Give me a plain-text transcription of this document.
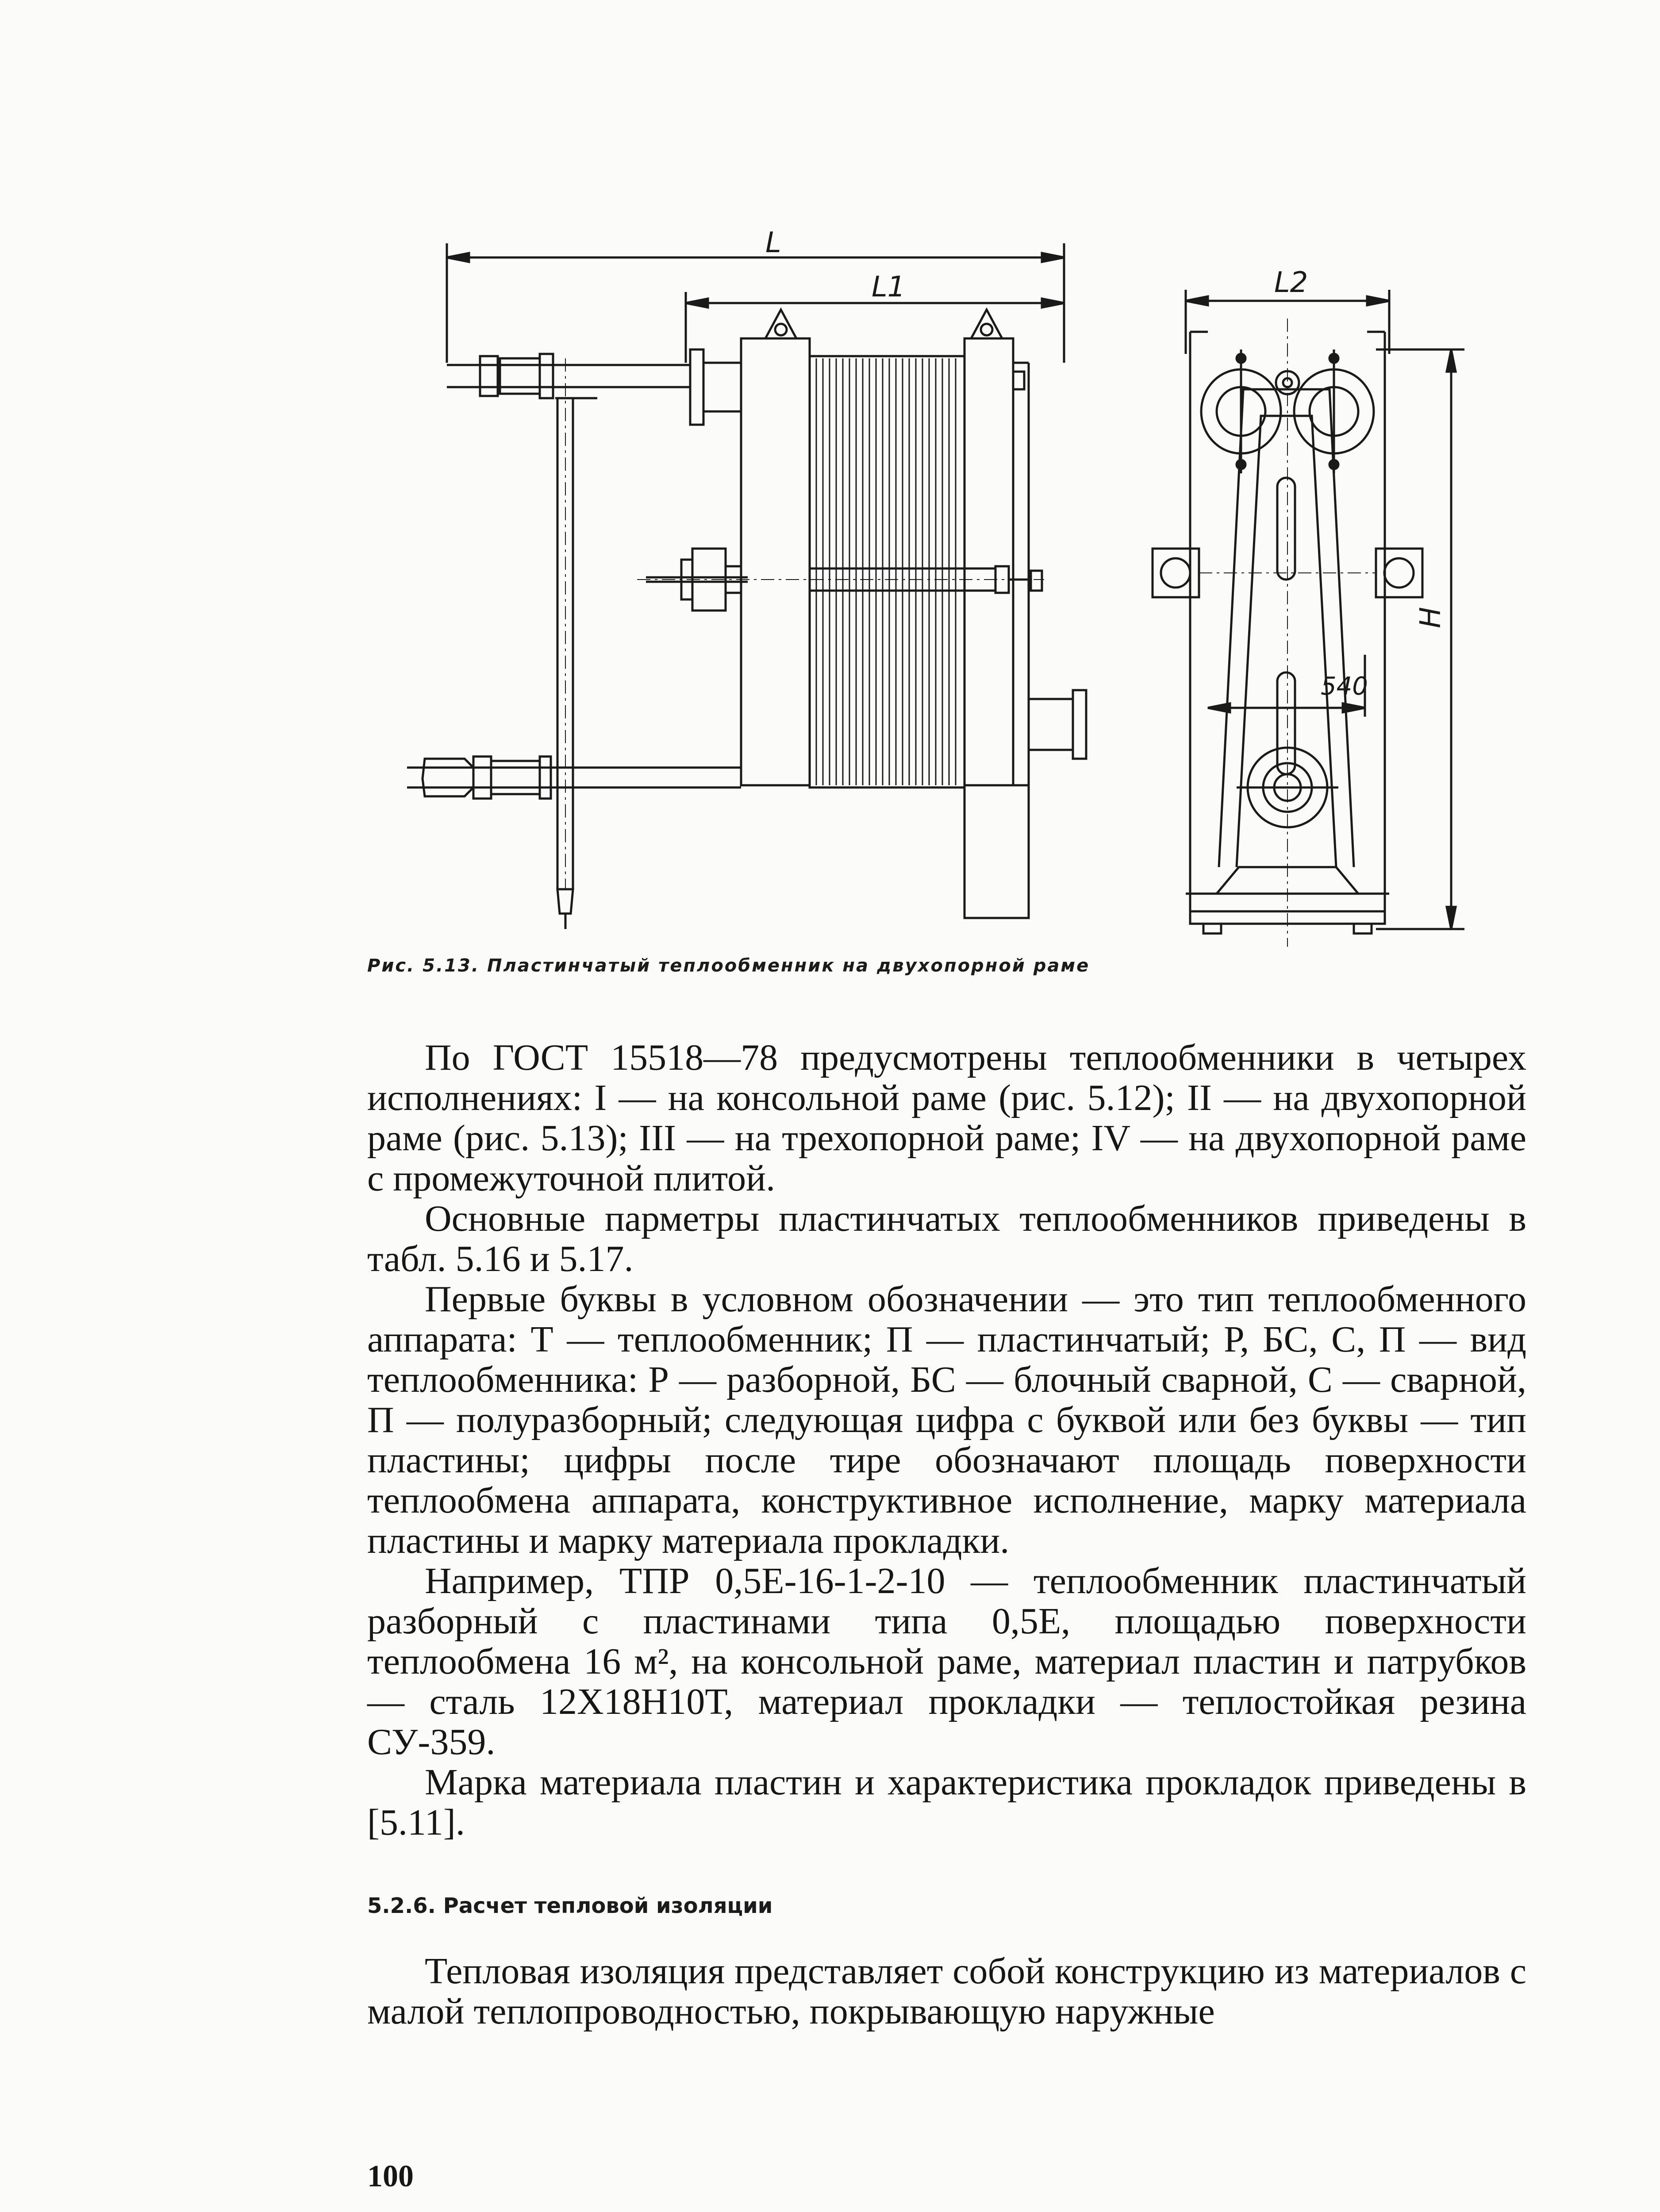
L
L1	L2
H
540
Рис. 5.13. Пластинчатый теплообменник на двухопорной раме

По ГОСТ 15518—78 предусмотрены теплообменники в четырех исполнениях: I — на консольной раме (рис. 5.12); II — на двухопорной раме (рис. 5.13); III — на трехопорной раме; IV — на двухопорной раме с промежуточной плитой.

Основные парметры пластинчатых теплообменников приведены в табл. 5.16 и 5.17.

Первые буквы в условном обозначении — это тип теплообменного аппарата: Т — теплообменник; П — пластинчатый; Р, БС, С, П — вид теплообменника: Р — разборной, БС — блочный сварной, С — сварной, П — полуразборный; следующая цифра с буквой или без буквы — тип пластины; цифры после тире обозначают площадь поверхности теплообмена аппарата, конструктивное исполнение, марку материала пластины и марку материала прокладки.

Например, ТПР 0,5Е-16-1-2-10 — теплообменник пластинчатый разборный с пластинами типа 0,5Е, площадью поверхности теплообмена 16 м², на консольной раме, материал пластин и патрубков — сталь 12Х18Н10Т, материал прокладки — теплостойкая резина СУ-359.

Марка материала пластин и характеристика прокладок приведены в [5.11].

5.2.6. Расчет тепловой изоляции

Тепловая изоляция представляет собой конструкцию из материалов с малой теплопроводностью, покрывающую наружные

100
